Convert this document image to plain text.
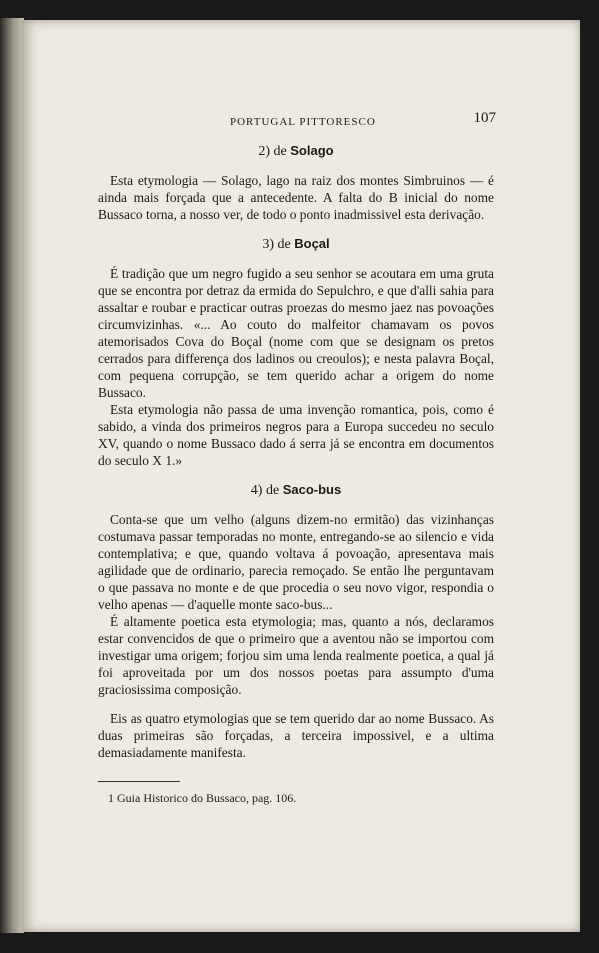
PORTUGAL PITTORESCO	107
2) de Solago

Esta etymologia — Solago, lago na raiz dos montes Simbruinos — é ainda mais forçada que a antecedente. A falta do B inicial do nome Bussaco torna, a nosso ver, de todo o ponto inadmissivel esta derivação.

3) de Boçal

É tradição que um negro fugido a seu senhor se acoutara em uma gruta que se encontra por detraz da ermida do Sepulchro, e que d'alli sahia para assaltar e roubar e practicar outras proezas do mesmo jaez nas povoações circumvizinhas. «... Ao couto do malfeitor chamavam os povos atemorisados Cova do Boçal (nome com que se designam os pretos cerrados para differença dos ladinos ou creoulos); e nesta palavra Boçal, com pequena corrupção, se tem querido achar a origem do nome Bussaco.

Esta etymologia não passa de uma invenção romantica, pois, como é sabido, a vinda dos primeiros negros para a Europa succedeu no seculo XV, quando o nome Bussaco dado á serra já se encontra em documentos do seculo X 1.»

4) de Saco-bus

Conta-se que um velho (alguns dizem-no ermitão) das vizinhanças costumava passar temporadas no monte, entregando-se ao silencio e vida contemplativa; e que, quando voltava á povoação, apresentava mais agilidade que de ordinario, parecia remoçado. Se então lhe perguntavam o que passava no monte e de que procedia o seu novo vigor, respondia o velho apenas — d'aquelle monte saco-bus...

É altamente poetica esta etymologia; mas, quanto a nós, declaramos estar convencidos de que o primeiro que a aventou não se importou com investigar uma origem; forjou sim uma lenda realmente poetica, a qual já foi aproveitada por um dos nossos poetas para assumpto d'uma graciosissima composição.

Eis as quatro etymologias que se tem querido dar ao nome Bussaco. As duas primeiras são forçadas, a terceira impossivel, e a ultima demasiadamente manifesta.

1 Guia Historico do Bussaco, pag. 106.
